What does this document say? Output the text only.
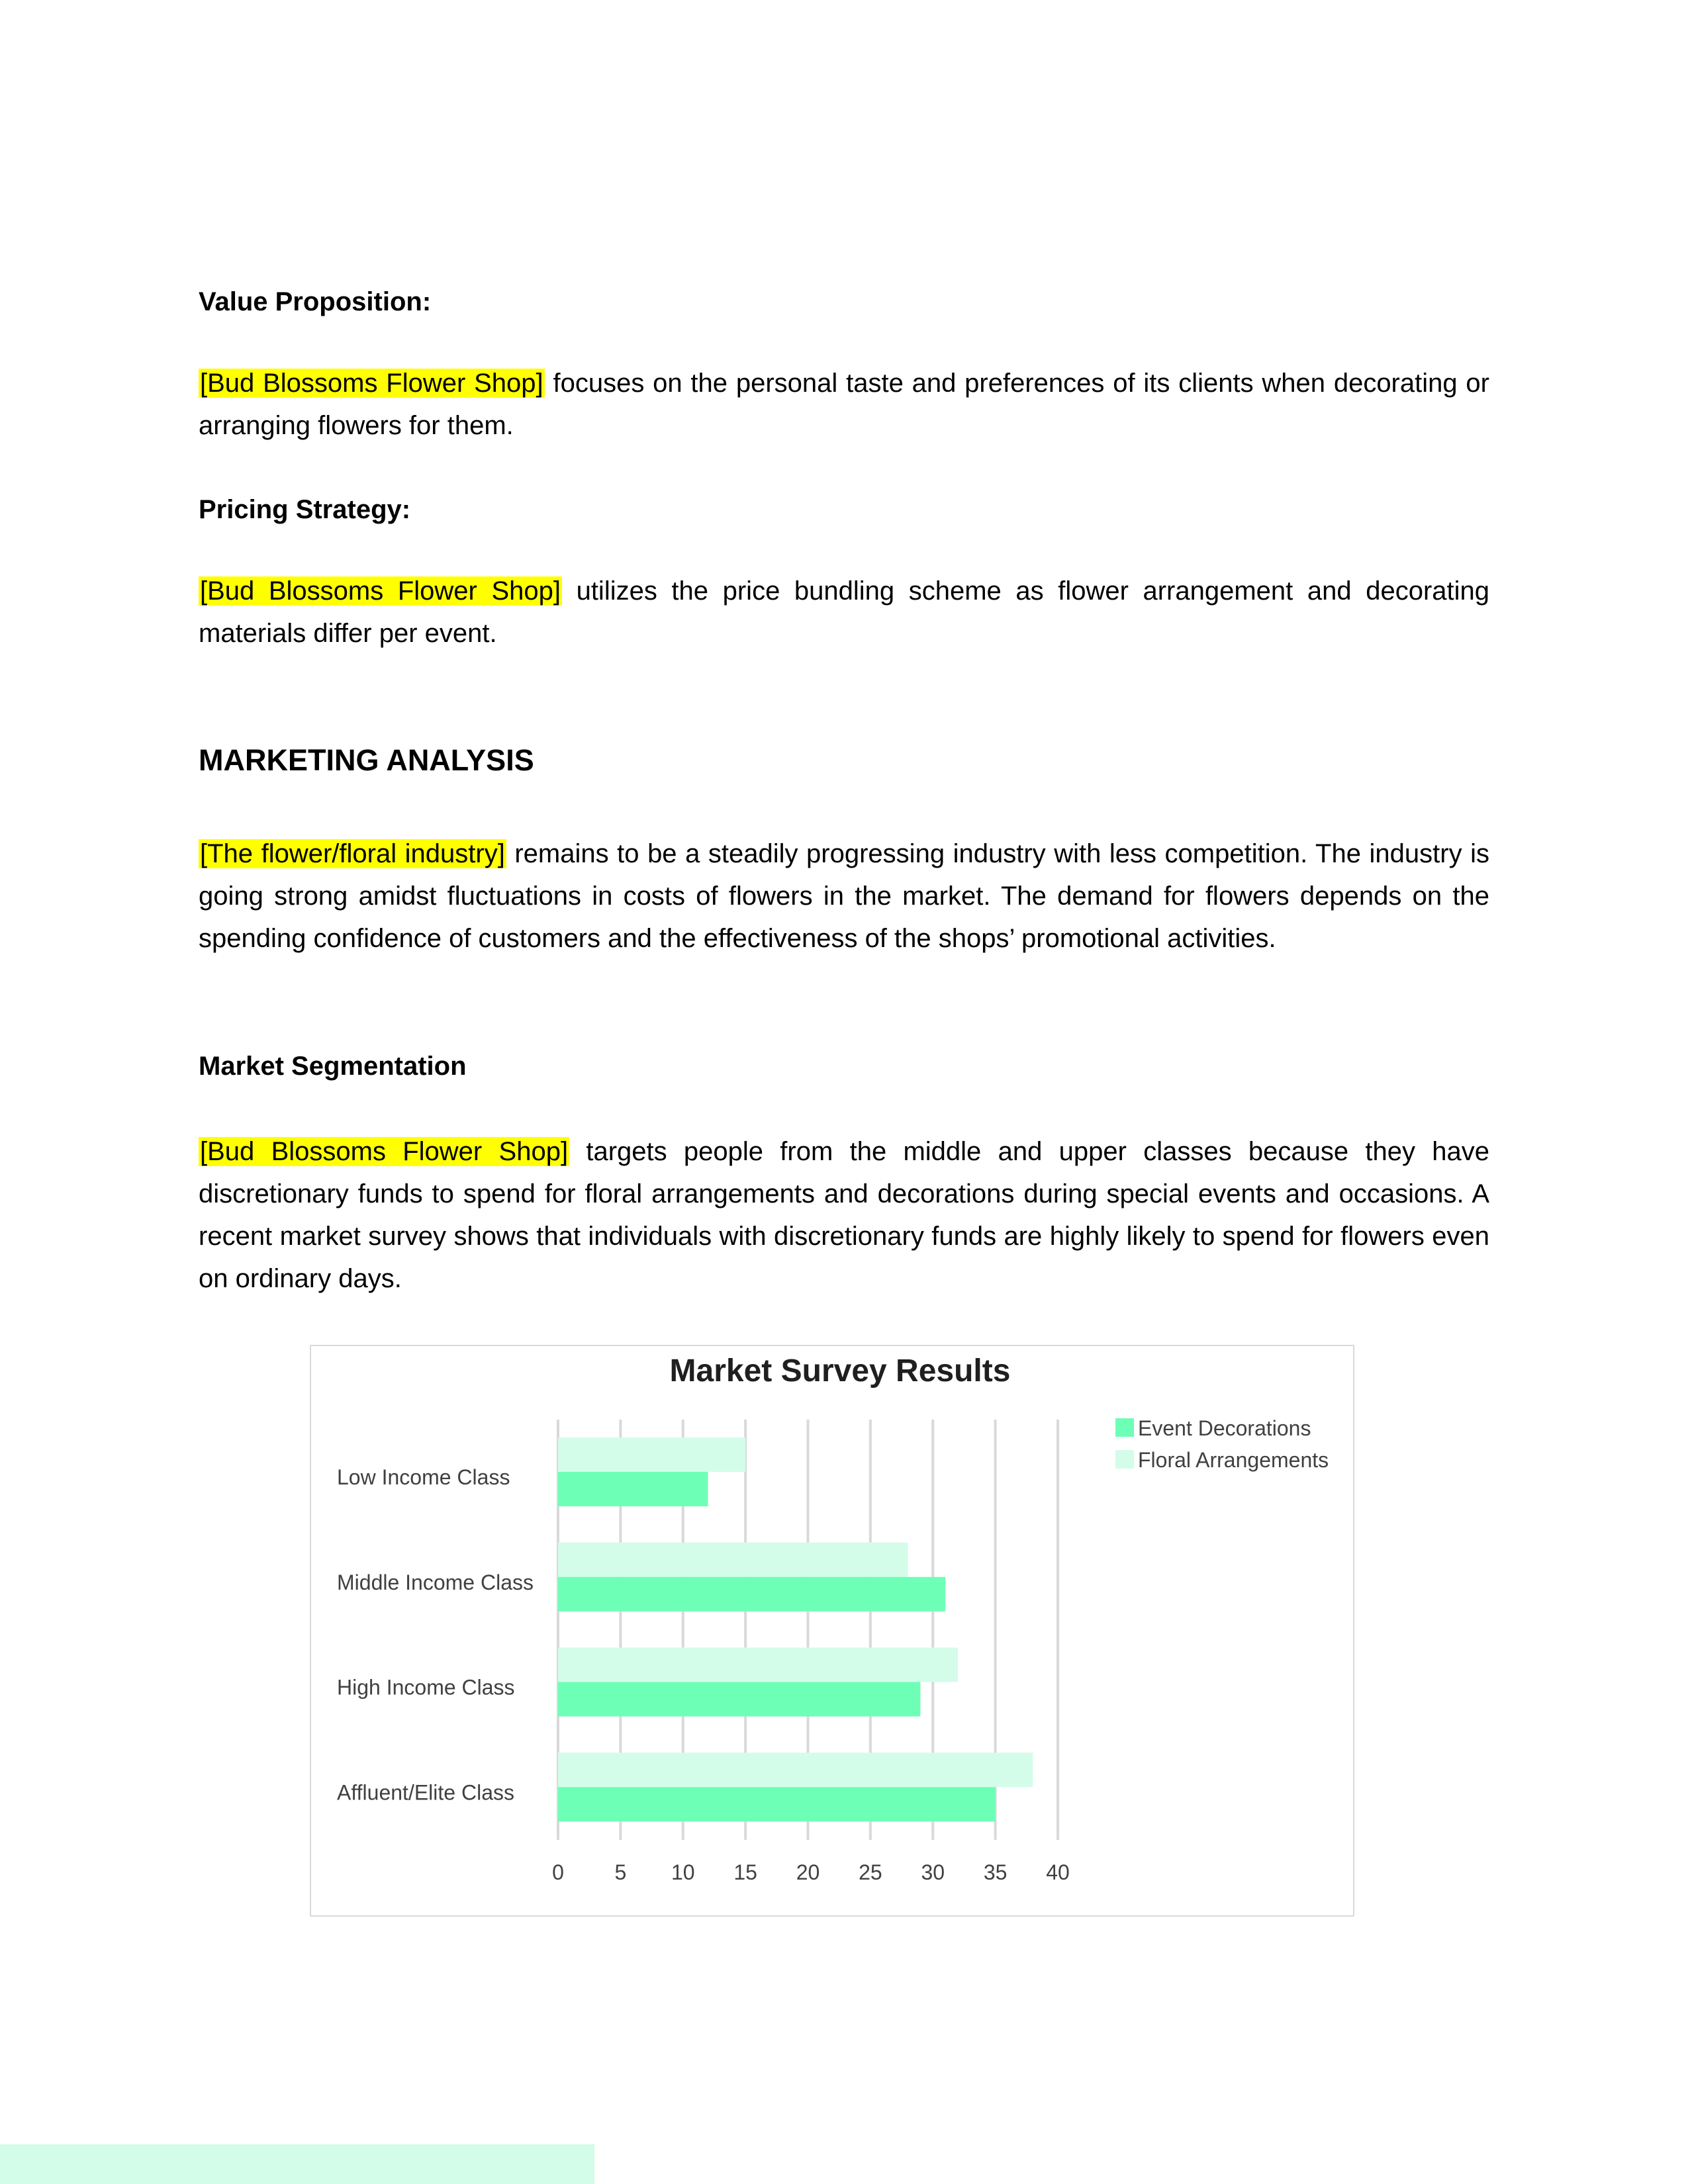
Value Proposition:
[Bud Blossoms Flower Shop] focuses on the personal taste and preferences of its clients when decorating or arranging flowers for them.
Pricing Strategy:
[Bud Blossoms Flower Shop] utilizes the price bundling scheme as flower arrangement and decorating materials differ per event.
MARKETING ANALYSIS
[The flower/floral industry] remains to be a steadily progressing industry with less competition. The industry is going strong amidst fluctuations in costs of flowers in the market. The demand for flowers depends on the spending confidence of customers and the effectiveness of the shops’ promotional activities.
Market Segmentation
[Bud Blossoms Flower Shop] targets people from the middle and upper classes because they have discretionary funds to spend for floral arrangements and decorations during special events and occasions. A recent market survey shows that individuals with discretionary funds are highly likely to spend for flowers even on ordinary days.
Market Survey Results
0 5 10 15 20 25 30 35 40
Low Income Class
Middle Income Class
High Income Class
Affluent/Elite Class
Event Decorations
Floral Arrangements
